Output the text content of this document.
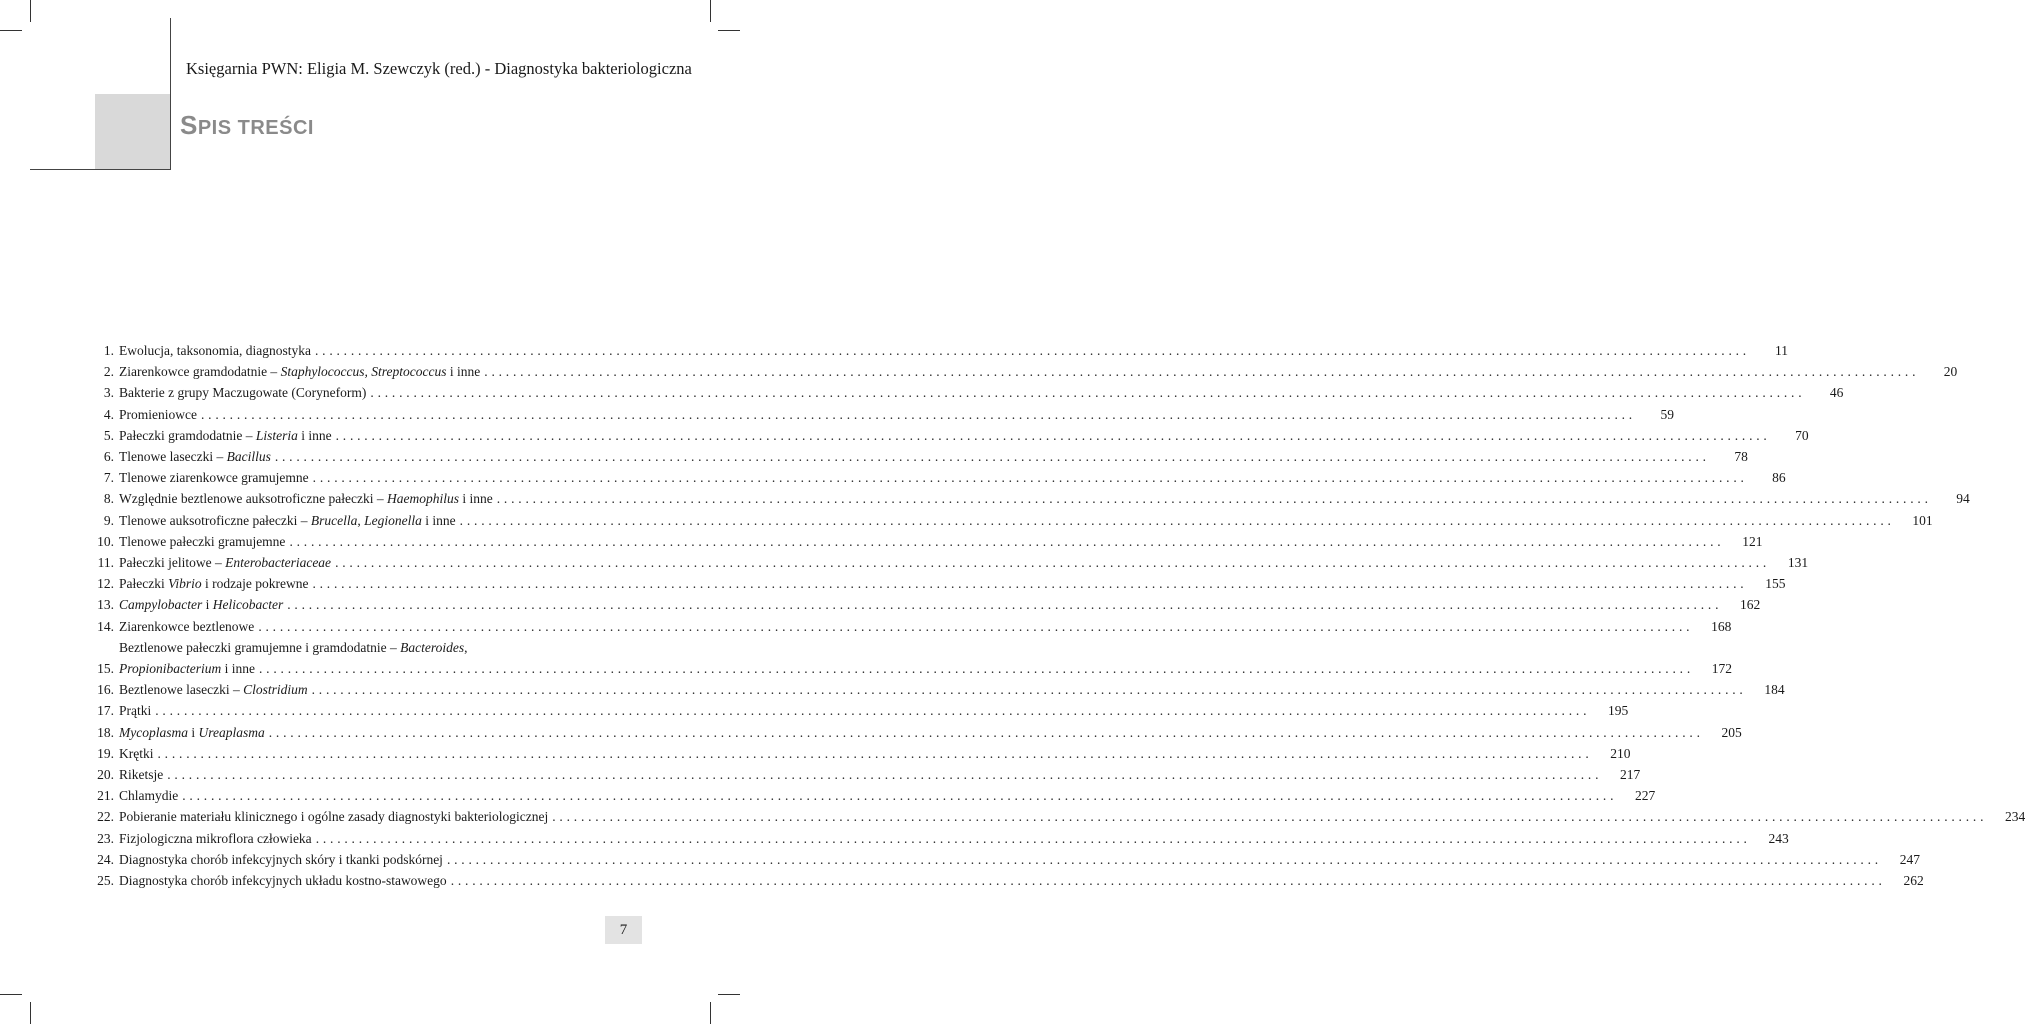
Księgarnia PWN: Eligia M. Szewczyk (red.) - Diagnostyka bakteriologiczna
SPIS TREŚCI
1. Ewolucja, taksonomia, diagnostyka ........................................................................................................................................................................................................	11
2. Ziarenkowce gramdodatnie – Staphylococcus, Streptococcus i inne ........................................................................................................................................................................................................	20
3. Bakterie z grupy Maczugowate (Coryneform) ........................................................................................................................................................................................................	46
4. Promieniowce ........................................................................................................................................................................................................	59
5. Pałeczki gramdodatnie – Listeria i inne ........................................................................................................................................................................................................	70
6. Tlenowe laseczki – Bacillus ........................................................................................................................................................................................................	78
7. Tlenowe ziarenkowce gramujemne ........................................................................................................................................................................................................	86
8. Względnie beztlenowe auksotroficzne pałeczki – Haemophilus i inne ........................................................................................................................................................................................................	94
9. Tlenowe auksotroficzne pałeczki – Brucella, Legionella i inne ........................................................................................................................................................................................................	101
10. Tlenowe pałeczki gramujemne ........................................................................................................................................................................................................	121
11. Pałeczki jelitowe – Enterobacteriaceae ........................................................................................................................................................................................................	131
12. Pałeczki Vibrio i rodzaje pokrewne ........................................................................................................................................................................................................	155
13. Campylobacter i Helicobacter ........................................................................................................................................................................................................	162
14. Ziarenkowce beztlenowe ........................................................................................................................................................................................................	168
15.
Beztlenowe pałeczki gramujemne i gramdodatnie – Bacteroides,
Propionibacterium i inne ........................................................................................................................................................................................................	172
16. Beztlenowe laseczki – Clostridium ........................................................................................................................................................................................................	184
17. Prątki ........................................................................................................................................................................................................	195
18. Mycoplasma i Ureaplasma ........................................................................................................................................................................................................	205
19. Krętki ........................................................................................................................................................................................................	210
20. Riketsje ........................................................................................................................................................................................................	217
21. Chlamydie ........................................................................................................................................................................................................	227
22. Pobieranie materiału klinicznego i ogólne zasady diagnostyki bakteriologicznej ........................................................................................................................................................................................................	234
23. Fizjologiczna mikroflora człowieka ........................................................................................................................................................................................................	243
24. Diagnostyka chorób infekcyjnych skóry i tkanki podskórnej ........................................................................................................................................................................................................	247
25. Diagnostyka chorób infekcyjnych układu kostno-stawowego ........................................................................................................................................................................................................	262
7
